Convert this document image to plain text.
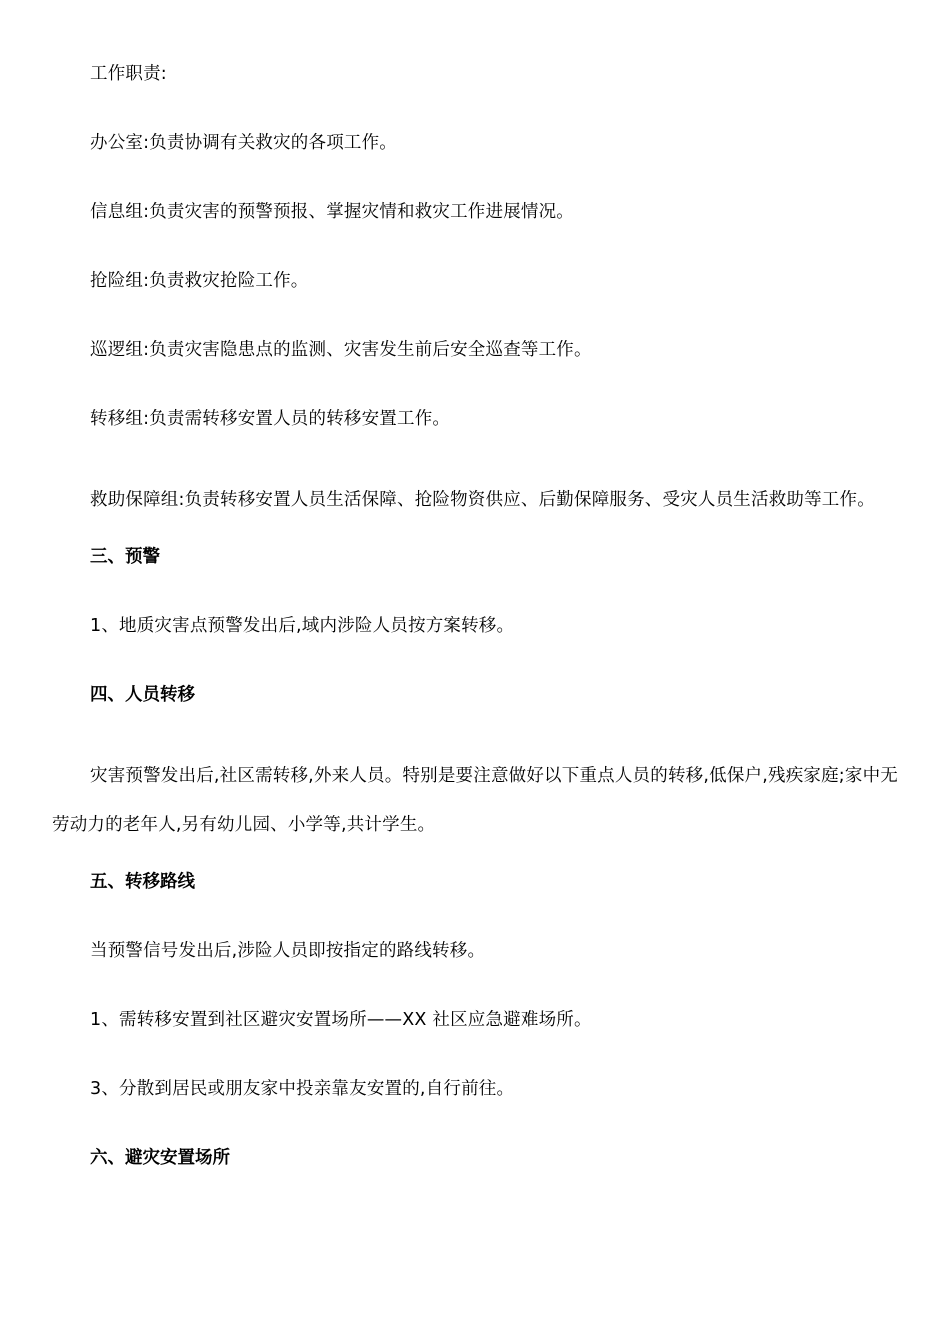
工作职责:

办公室:负责协调有关救灾的各项工作。

信息组:负责灾害的预警预报、掌握灾情和救灾工作进展情况。

抢险组:负责救灾抢险工作。

巡逻组:负责灾害隐患点的监测、灾害发生前后安全巡查等工作。

转移组:负责需转移安置人员的转移安置工作。

救助保障组:负责转移安置人员生活保障、抢险物资供应、后勤保障服务、受灾人员生活救助等工作。

三、预警

1、地质灾害点预警发出后,域内涉险人员按方案转移。

四、人员转移

灾害预警发出后,社区需转移,外来人员。特别是要注意做好以下重点人员的转移,低保户,残疾家庭;家中无劳动力的老年人,另有幼儿园、小学等,共计学生。

五、转移路线

当预警信号发出后,涉险人员即按指定的路线转移。

1、需转移安置到社区避灾安置场所——XX 社区应急避难场所。

3、分散到居民或朋友家中投亲靠友安置的,自行前往。

六、避灾安置场所
